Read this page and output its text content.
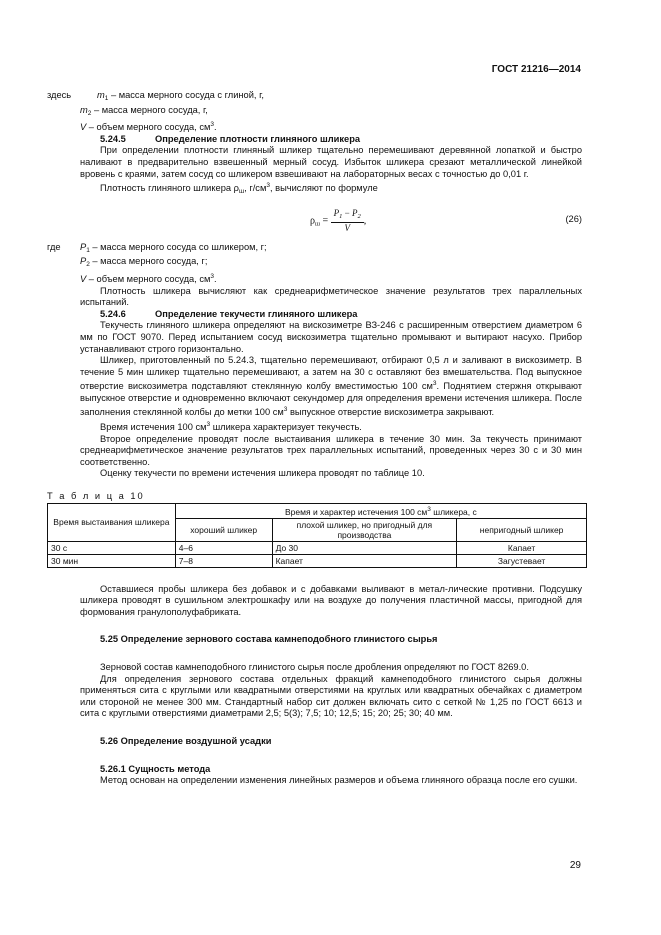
ГОСТ 21216—2014
здесь	$m_1$ – масса мерного сосуда с глиной, г,
$m_2$ – масса мерного сосуда, г,
V – объем мерного сосуда, $см^3$.
5.24.5	Определение плотности глиняного шликера

При определении плотности глиняный шликер тщательно перемешивают деревянной лопаткой и быстро наливают в предварительно взвешенный мерный сосуд. Избыток шликера срезают металлической линейкой вровень с краями, затем сосуд со шликером взвешивают на лабораторных весах с точностью до 0,01 г.

Плотность глиняного шликера $\rho_ш$, $г/см^3$, вычисляют по формуле

$\rho_ш = \frac{P_1 - P_2}{V}$ ,	(26)
где $P_1$ – масса мерного сосуда со шликером, г;
$P_2$ – масса мерного сосуда, г;
V – объем мерного сосуда, $см^3$.

Плотность шликера вычисляют как среднеарифметическое значение результатов трех параллельных испытаний.

5.24.6	Определение текучести глиняного шликера

Текучесть глиняного шликера определяют на вискозиметре ВЗ-246 с расширенным отверстием диаметром 6 мм по ГОСТ 9070. Перед испытанием сосуд вискозиметра тщательно промывают и вытирают насухо. Прибор устанавливают строго горизонтально.

Шликер, приготовленный по 5.24.3, тщательно перемешивают, отбирают 0,5 л и заливают в вискозиметр. В течение 5 мин шликер тщательно перемешивают, а затем на 30 с оставляют без вмешательства. Под выпускное отверстие вискозиметра подставляют стеклянную колбу вместимостью 100 $см^3$. Поднятием стержня открывают выпускное отверстие и одновременно включают секундомер для определения времени истечения шликера. После заполнения стеклянной колбы до метки 100 $см^3$ выпускное отверстие вискозиметра закрывают.

Время истечения 100 $см^3$ шликера характеризует текучесть.

Второе определение проводят после выстаивания шликера в течение 30 мин. За текучесть принимают среднеарифметическое значение результатов трех параллельных испытаний, проведенных через 30 с и 30 мин соответственно.

Оценку текучести по времени истечения шликера проводят по таблице 10.

Т а б л и ц а 10
Время выстаивания шликера	Время и характер истечения 100 $см^3$ шликера, с		
	хороший шликер	плохой шликер, но пригодный для производства	непригодный шликер
30 с	4–6	До 30	Капает
30 мин	7–8	Капает	Загустевает

Оставшиеся пробы шликера без добавок и с добавками выливают в метал-лические противни. Подсушку шликера проводят в сушильном электрошкафу или на воздухе до получения пластичной массы, пригодной для формования гранулополуфабриката.

5.25 Определение зернового состава камнеподобного глинистого сырья

Зерновой состав камнеподобного глинистого сырья после дробления определяют по ГОСТ 8269.0.

Для определения зернового состава отдельных фракций камнеподобного глинистого сырья должны применяться сита с круглыми или квадратными отверстиями на круглых или квадратных обечайках с диаметром или стороной не менее 300 мм. Стандартный набор сит должен включать сито с сеткой № 1,25 по ГОСТ 6613 и сита с круглыми отверстиями диаметрами 2,5; 5(3); 7,5; 10; 12,5; 15; 20; 25; 30; 40 мм.

5.26 Определение воздушной усадки
5.26.1 Сущность метода

Метод основан на определении изменения линейных размеров и объема глиняного образца после его сушки.

29
